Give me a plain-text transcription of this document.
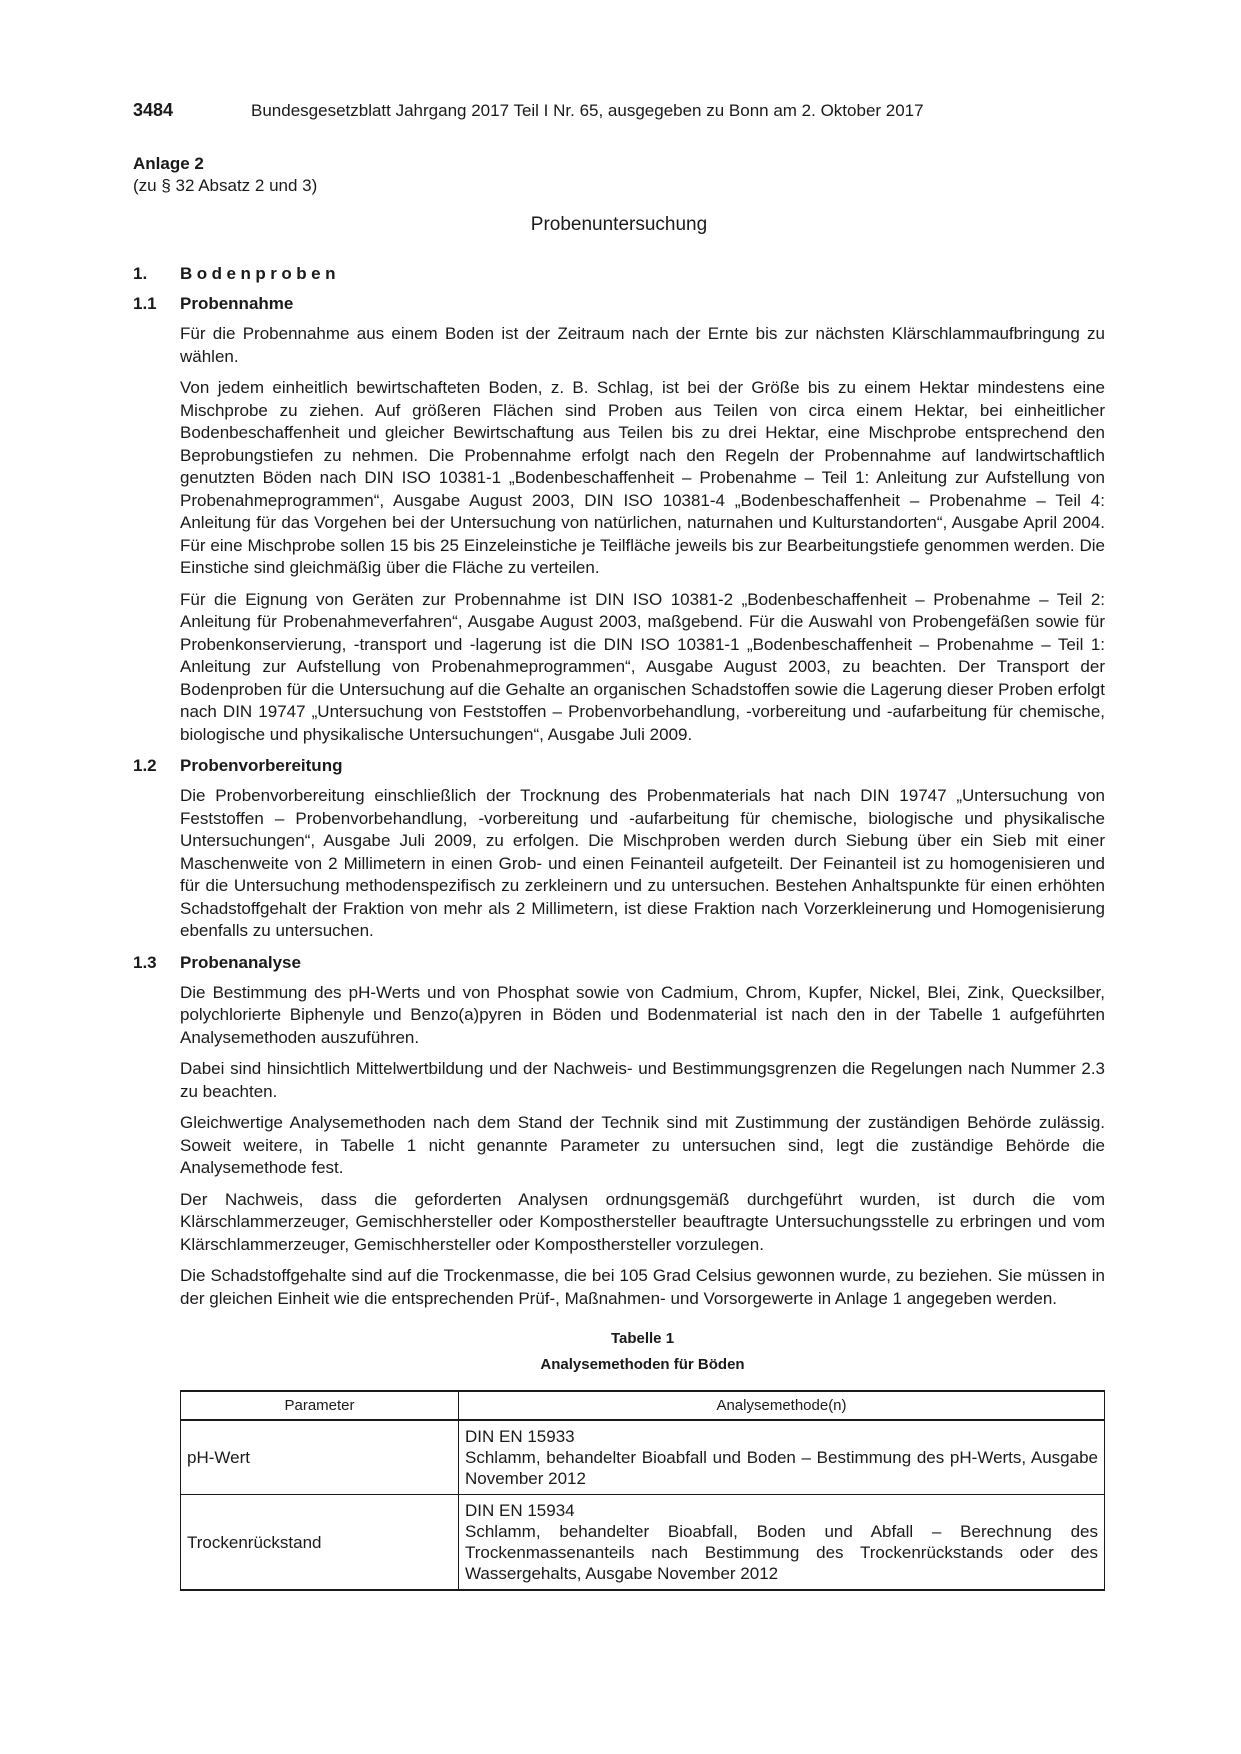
3484	Bundesgesetzblatt Jahrgang 2017 Teil I Nr. 65, ausgegeben zu Bonn am 2. Oktober 2017
Anlage 2
(zu § 32 Absatz 2 und 3)
Probenuntersuchung
1. Bodenproben
1.1 Probennahme

Für die Probennahme aus einem Boden ist der Zeitraum nach der Ernte bis zur nächsten Klärschlammaufbringung zu wählen.

Von jedem einheitlich bewirtschafteten Boden, z. B. Schlag, ist bei der Größe bis zu einem Hektar mindestens eine Mischprobe zu ziehen. Auf größeren Flächen sind Proben aus Teilen von circa einem Hektar, bei einheitlicher Bodenbeschaffenheit und gleicher Bewirtschaftung aus Teilen bis zu drei Hektar, eine Mischprobe entsprechend den Beprobungstiefen zu nehmen. Die Probennahme erfolgt nach den Regeln der Probennahme auf landwirtschaftlich genutzten Böden nach DIN ISO 10381-1 „Bodenbeschaffenheit – Probenahme – Teil 1: Anleitung zur Aufstellung von Probenahmeprogrammen“, Ausgabe August 2003, DIN ISO 10381-4 „Bodenbeschaffenheit – Probenahme – Teil 4: Anleitung für das Vorgehen bei der Untersuchung von natürlichen, naturnahen und Kulturstandorten“, Ausgabe April 2004. Für eine Mischprobe sollen 15 bis 25 Einzeleinstiche je Teilfläche jeweils bis zur Bearbeitungstiefe genommen werden. Die Einstiche sind gleichmäßig über die Fläche zu verteilen.

Für die Eignung von Geräten zur Probennahme ist DIN ISO 10381-2 „Bodenbeschaffenheit – Probenahme – Teil 2: Anleitung für Probenahmeverfahren“, Ausgabe August 2003, maßgebend. Für die Auswahl von Probengefäßen sowie für Probenkonservierung, -transport und -lagerung ist die DIN ISO 10381-1 „Bodenbeschaffenheit – Probenahme – Teil 1: Anleitung zur Aufstellung von Probenahmeprogrammen“, Ausgabe August 2003, zu beachten. Der Transport der Bodenproben für die Untersuchung auf die Gehalte an organischen Schadstoffen sowie die Lagerung dieser Proben erfolgt nach DIN 19747 „Untersuchung von Feststoffen – Probenvorbehandlung, -vorbereitung und -aufarbeitung für chemische, biologische und physikalische Untersuchungen“, Ausgabe Juli 2009.

1.2 Probenvorbereitung

Die Probenvorbereitung einschließlich der Trocknung des Probenmaterials hat nach DIN 19747 „Untersuchung von Feststoffen – Probenvorbehandlung, -vorbereitung und -aufarbeitung für chemische, biologische und physikalische Untersuchungen“, Ausgabe Juli 2009, zu erfolgen. Die Mischproben werden durch Siebung über ein Sieb mit einer Maschenweite von 2 Millimetern in einen Grob- und einen Feinanteil aufgeteilt. Der Feinanteil ist zu homogenisieren und für die Untersuchung methodenspezifisch zu zerkleinern und zu untersuchen. Bestehen Anhaltspunkte für einen erhöhten Schadstoffgehalt der Fraktion von mehr als 2 Millimetern, ist diese Fraktion nach Vorzerkleinerung und Homogenisierung ebenfalls zu untersuchen.

1.3 Probenanalyse

Die Bestimmung des pH-Werts und von Phosphat sowie von Cadmium, Chrom, Kupfer, Nickel, Blei, Zink, Quecksilber, polychlorierte Biphenyle und Benzo(a)pyren in Böden und Bodenmaterial ist nach den in der Tabelle 1 aufgeführten Analysemethoden auszuführen.

Dabei sind hinsichtlich Mittelwertbildung und der Nachweis- und Bestimmungsgrenzen die Regelungen nach Nummer 2.3 zu beachten.

Gleichwertige Analysemethoden nach dem Stand der Technik sind mit Zustimmung der zuständigen Behörde zulässig. Soweit weitere, in Tabelle 1 nicht genannte Parameter zu untersuchen sind, legt die zuständige Behörde die Analysemethode fest.

Der Nachweis, dass die geforderten Analysen ordnungsgemäß durchgeführt wurden, ist durch die vom Klärschlammerzeuger, Gemischhersteller oder Komposthersteller beauftragte Untersuchungsstelle zu erbringen und vom Klärschlammerzeuger, Gemischhersteller oder Komposthersteller vorzulegen.

Die Schadstoffgehalte sind auf die Trockenmasse, die bei 105 Grad Celsius gewonnen wurde, zu beziehen. Sie müssen in der gleichen Einheit wie die entsprechenden Prüf-, Maßnahmen- und Vorsorgewerte in Anlage 1 angegeben werden.

Tabelle 1
Analysemethoden für Böden
Parameter	Analysemethode(n)
pH-Wert	DIN EN 15933
Schlamm, behandelter Bioabfall und Boden – Bestimmung des pH-Werts, Ausgabe November 2012

Trockenrückstand	DIN EN 15934
Schlamm, behandelter Bioabfall, Boden und Abfall – Berechnung des Trockenmassenanteils nach Bestimmung des Trockenrückstands oder des Wassergehalts, Ausgabe November 2012
